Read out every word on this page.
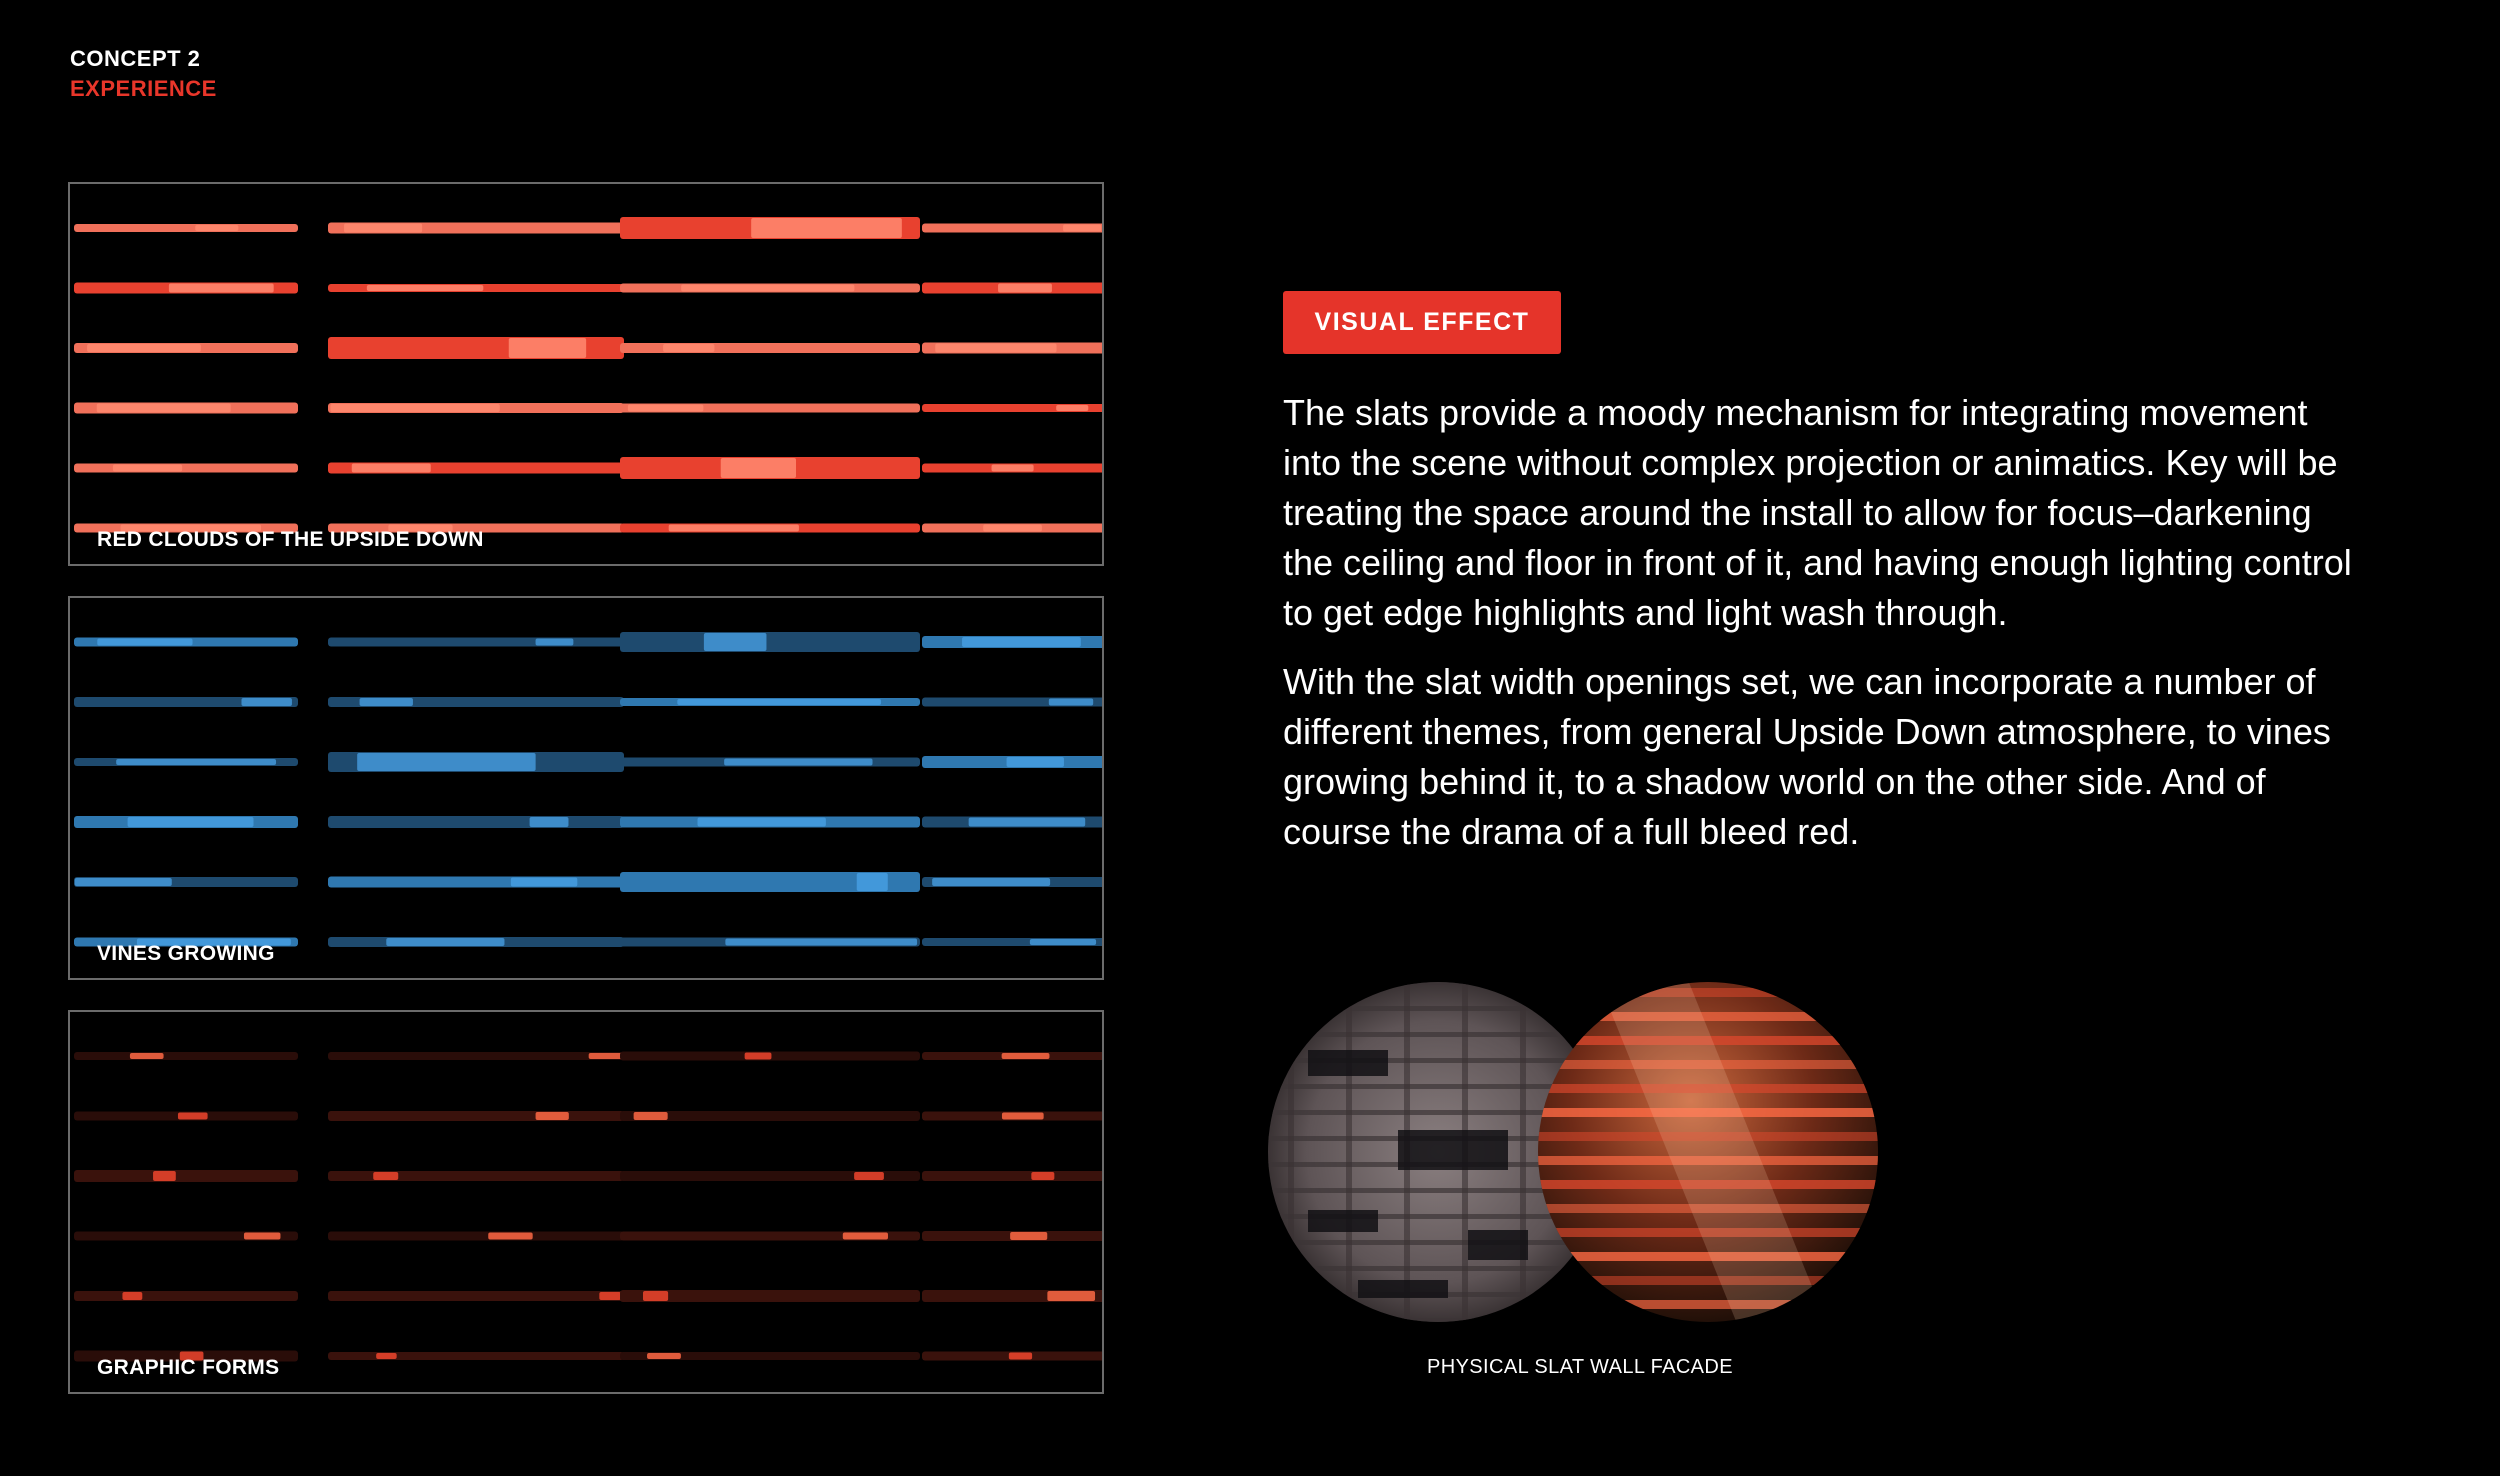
CONCEPT 2
EXPERIENCE
RED CLOUDS OF THE UPSIDE DOWN
VINES GROWING
GRAPHIC FORMS
VISUAL EFFECT

The slats provide a moody mechanism for integrating movement into the scene without complex projection or animatics. Key will be treating the space around the install to allow for focus–darkening the ceiling and floor in front of it, and having enough lighting control to get edge highlights and light wash through.

With the slat width openings set, we can incorporate a number of different themes, from general Upside Down atmosphere, to vines growing behind it, to a shadow world on the other side. And of course the drama of a full bleed red.

PHYSICAL SLAT WALL FACADE
